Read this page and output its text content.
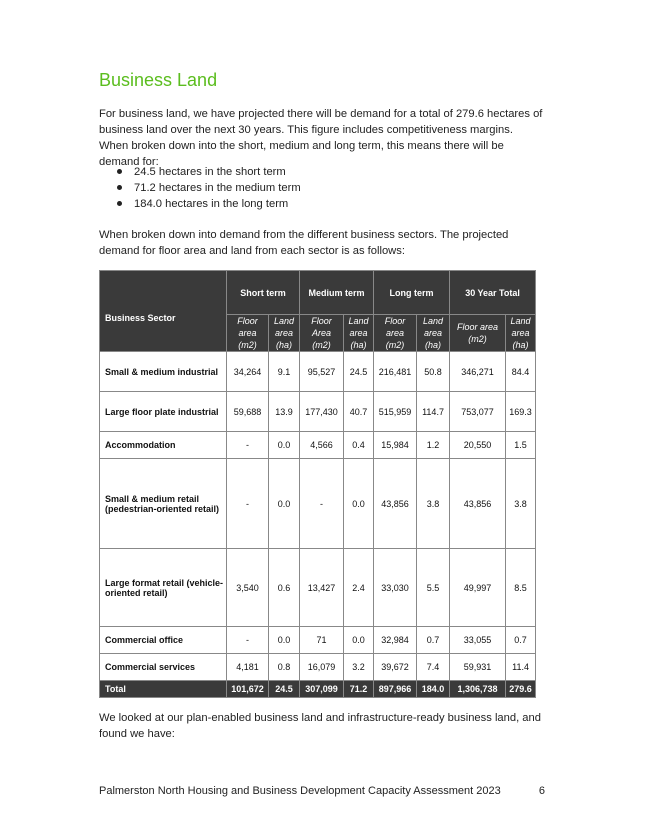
Business Land

For business land, we have projected there will be demand for a total of 279.6 hectares of business land over the next 30 years. This figure includes competitiveness margins. When broken down into the short, medium and long term, this means there will be demand for:

24.5 hectares in the short term
71.2 hectares in the medium term
184.0 hectares in the long term

When broken down into demand from the different business sectors. The projected demand for floor area and land from each sector is as follows:

Business Sector	Short term		Medium term		Long term		30 Year Total	
	Floor area (m2)	Land area (ha)	Floor Area (m2)	Land area (ha)	Floor area (m2)	Land area (ha)	Floor area (m2)	Land area (ha)
Small & medium industrial	34,264	9.1	95,527	24.5	216,481	50.8	346,271	84.4
Large floor plate industrial	59,688	13.9	177,430	40.7	515,959	114.7	753,077	169.3
Accommodation	-	0.0	4,566	0.4	15,984	1.2	20,550	1.5
Small & medium retail (pedestrian-oriented retail)	-	0.0	-	0.0	43,856	3.8	43,856	3.8
Large format retail (vehicle-oriented retail)	3,540	0.6	13,427	2.4	33,030	5.5	49,997	8.5
Commercial office	-	0.0	71	0.0	32,984	0.7	33,055	0.7
Commercial services	4,181	0.8	16,079	3.2	39,672	7.4	59,931	11.4
Total	101,672	24.5	307,099	71.2	897,966	184.0	1,306,738	279.6

We looked at our plan-enabled business land and infrastructure-ready business land, and found we have:

Palmerston North Housing and Business Development Capacity Assessment 2023	6
